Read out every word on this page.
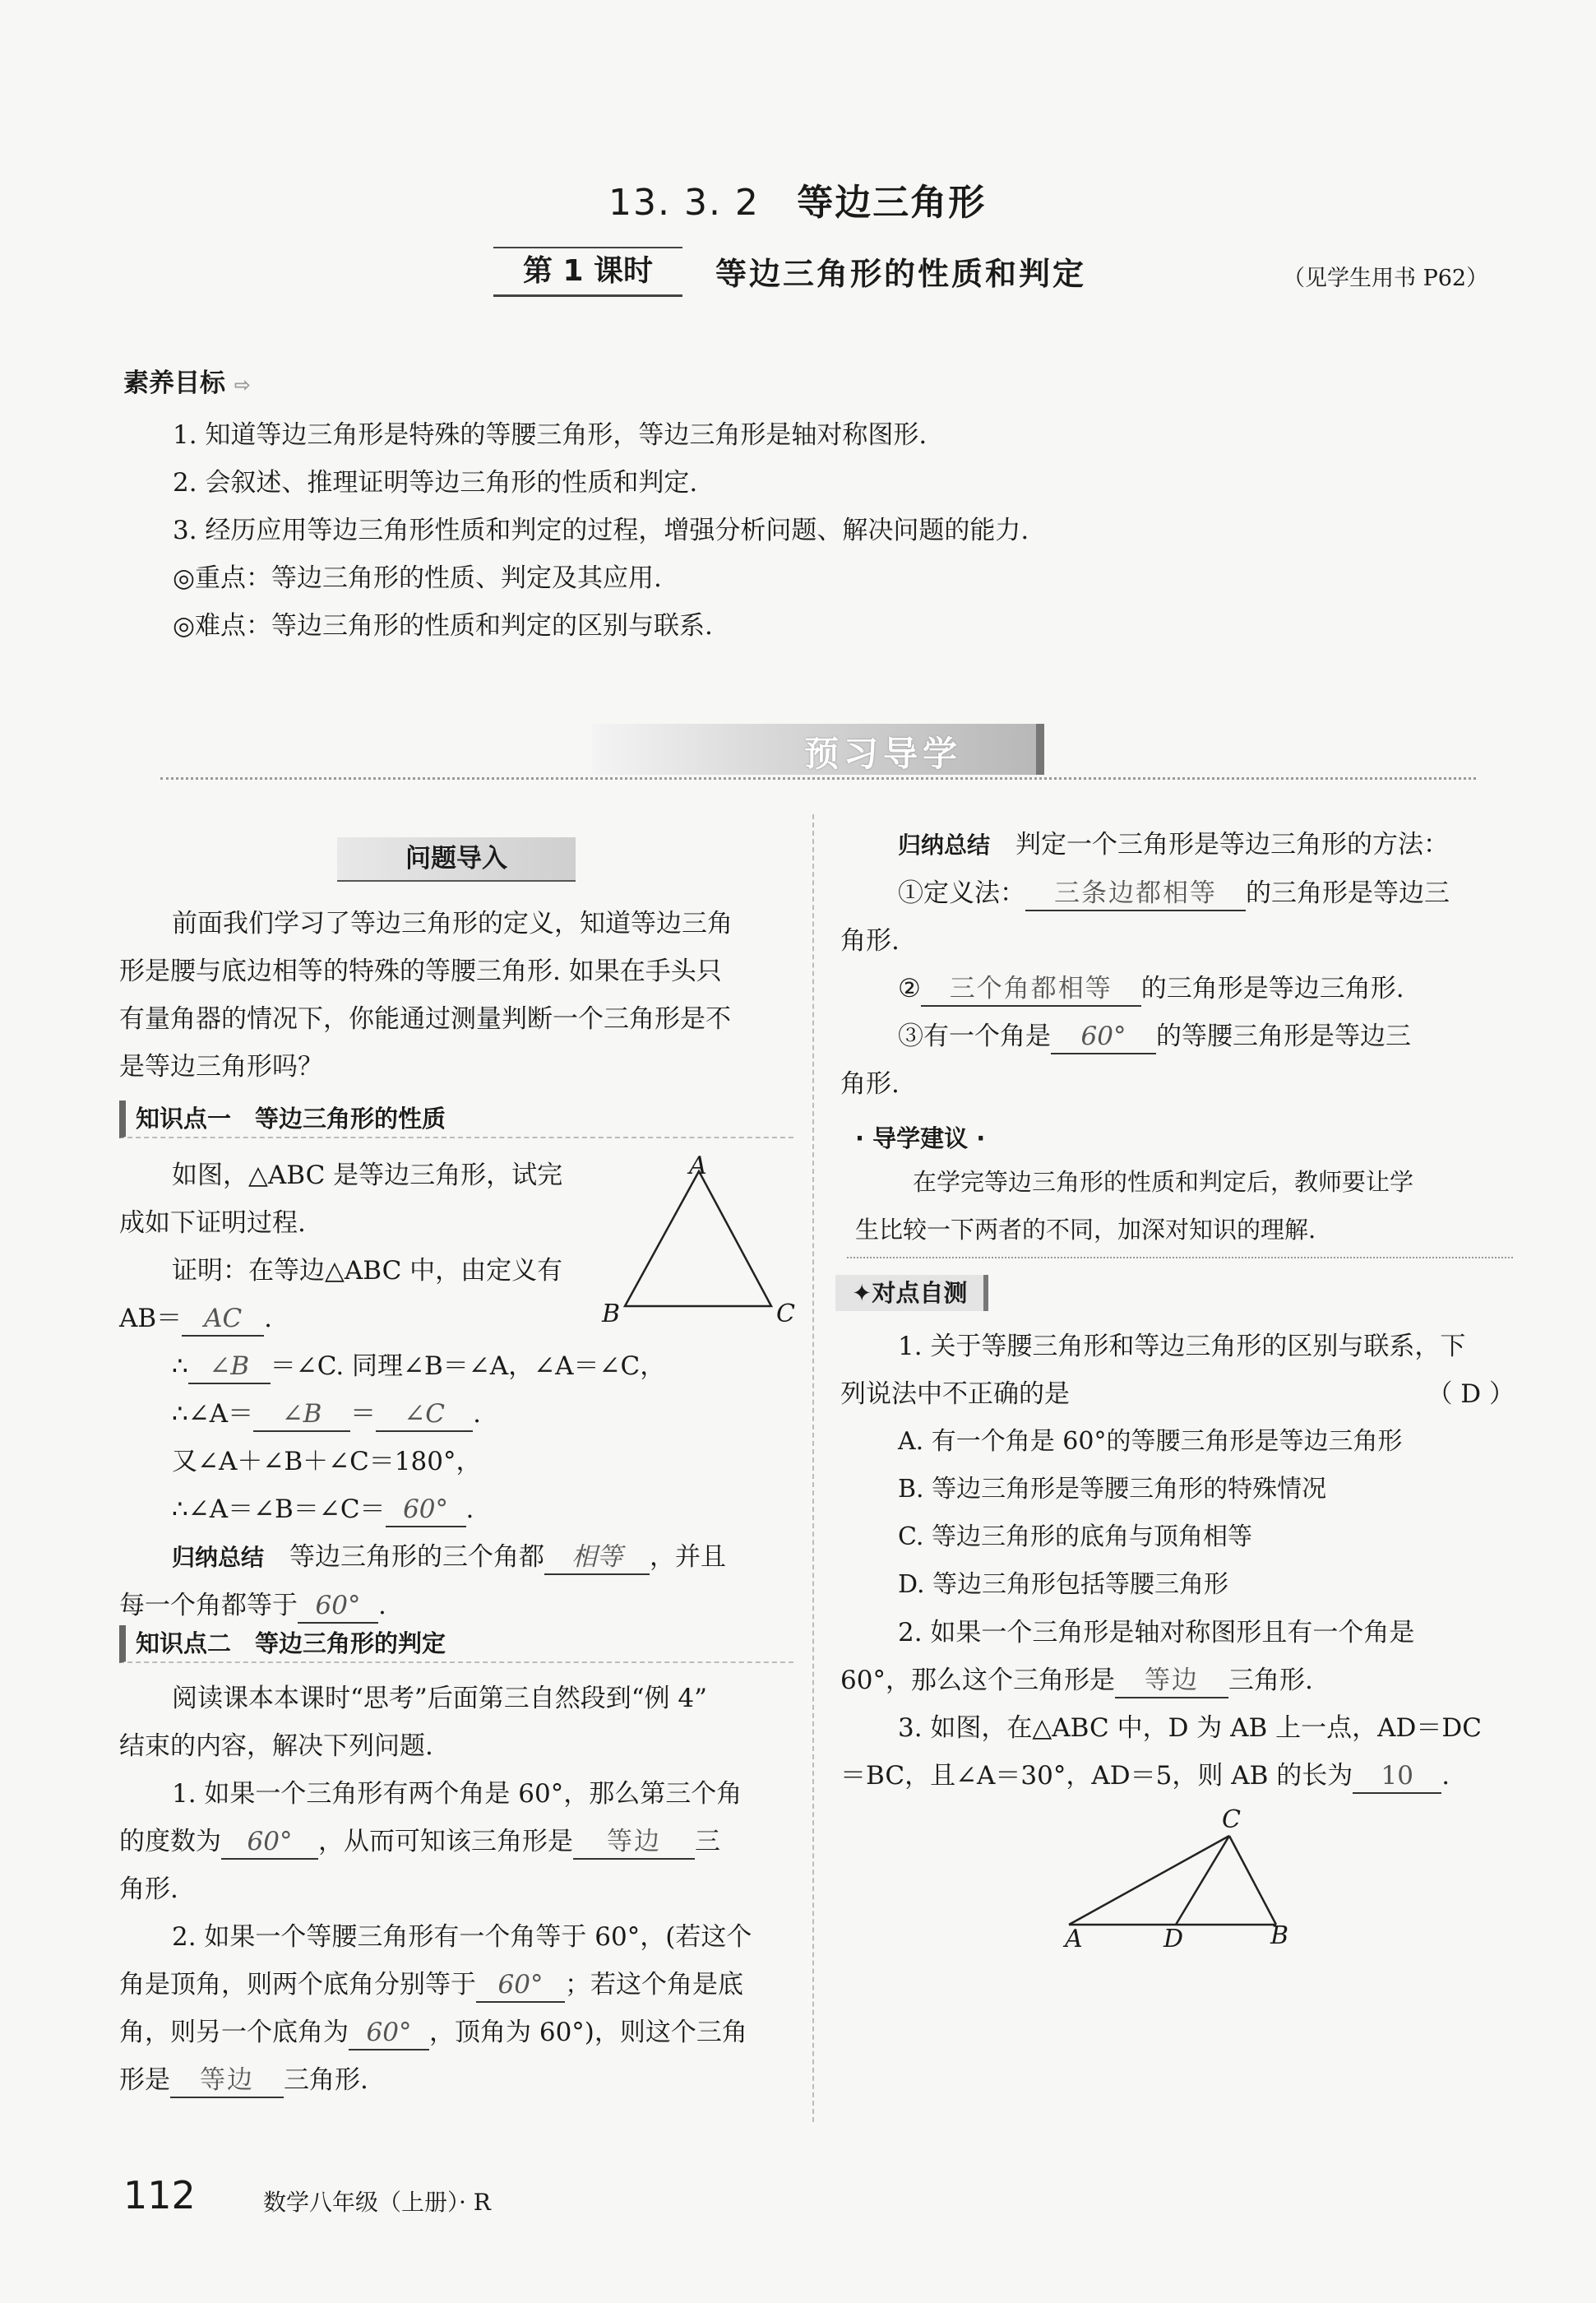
13. 3. 2 等边三角形
第 1 课时	等边三角形的性质和判定	（见学生用书 P62）
素养目标 ⇨
1. 知道等边三角形是特殊的等腰三角形，等边三角形是轴对称图形.
2. 会叙述、推理证明等边三角形的性质和判定.
3. 经历应用等边三角形性质和判定的过程，增强分析问题、解决问题的能力.
◎重点：等边三角形的性质、判定及其应用.
◎难点：等边三角形的性质和判定的区别与联系.
预习导学
问题导入
前面我们学习了等边三角形的定义，知道等边三角
形是腰与底边相等的特殊的等腰三角形. 如果在手头只
有量角器的情况下，你能通过测量判断一个三角形是不
是等边三角形吗？
知识点一　等边三角形的性质
如图，△ABC 是等边三角形，试完
成如下证明过程.
证明：在等边△ABC 中，由定义有
AB＝ AC .
∴ ∠B ＝∠C. 同理∠B＝∠A，∠A＝∠C，
∴∠A＝ ∠B ＝ ∠C .
又∠A＋∠B＋∠C＝180°，
∴∠A＝∠B＝∠C＝ 60° .
归纳总结　 等边三角形的三个角都 相等 ，并且
每一个角都等于 60° .
A
B	C
知识点二　等边三角形的判定
阅读课本本课时“思考”后面第三自然段到“例 4”
结束的内容，解决下列问题.
1. 如果一个三角形有两个角是 60°，那么第三个角
的度数为 60° ，从而可知该三角形是 等边 三
角形.
2. 如果一个等腰三角形有一个角等于 60°，(若这个
角是顶角，则两个底角分别等于 60° ；若这个角是底
角，则另一个底角为 60° ，顶角为 60°)，则这个三角
形是 等边 三角形.
归纳总结　 判定一个三角形是等边三角形的方法：
①定义法： 三条边都相等 的三角形是等边三
角形.
② 三个角都相等 的三角形是等边三角形.
③有一个角是 60° 的等腰三角形是等边三
角形.
· 导学建议 ·
在学完等边三角形的性质和判定后，教师要让学
生比较一下两者的不同，加深对知识的理解.
✦对点自测
1. 关于等腰三角形和等边三角形的区别与联系，下
列说法中不正确的是	（ D ）
A. 有一个角是 60°的等腰三角形是等边三角形
B. 等边三角形是等腰三角形的特殊情况
C. 等边三角形的底角与顶角相等
D. 等边三角形包括等腰三角形
2. 如果一个三角形是轴对称图形且有一个角是
60°，那么这个三角形是 等边 三角形.
3. 如图，在△ABC 中，D 为 AB 上一点，AD＝DC
＝BC，且∠A＝30°，AD＝5，则 AB 的长为 10 .
A	D	B
C
112	数学八年级（上册）· R
